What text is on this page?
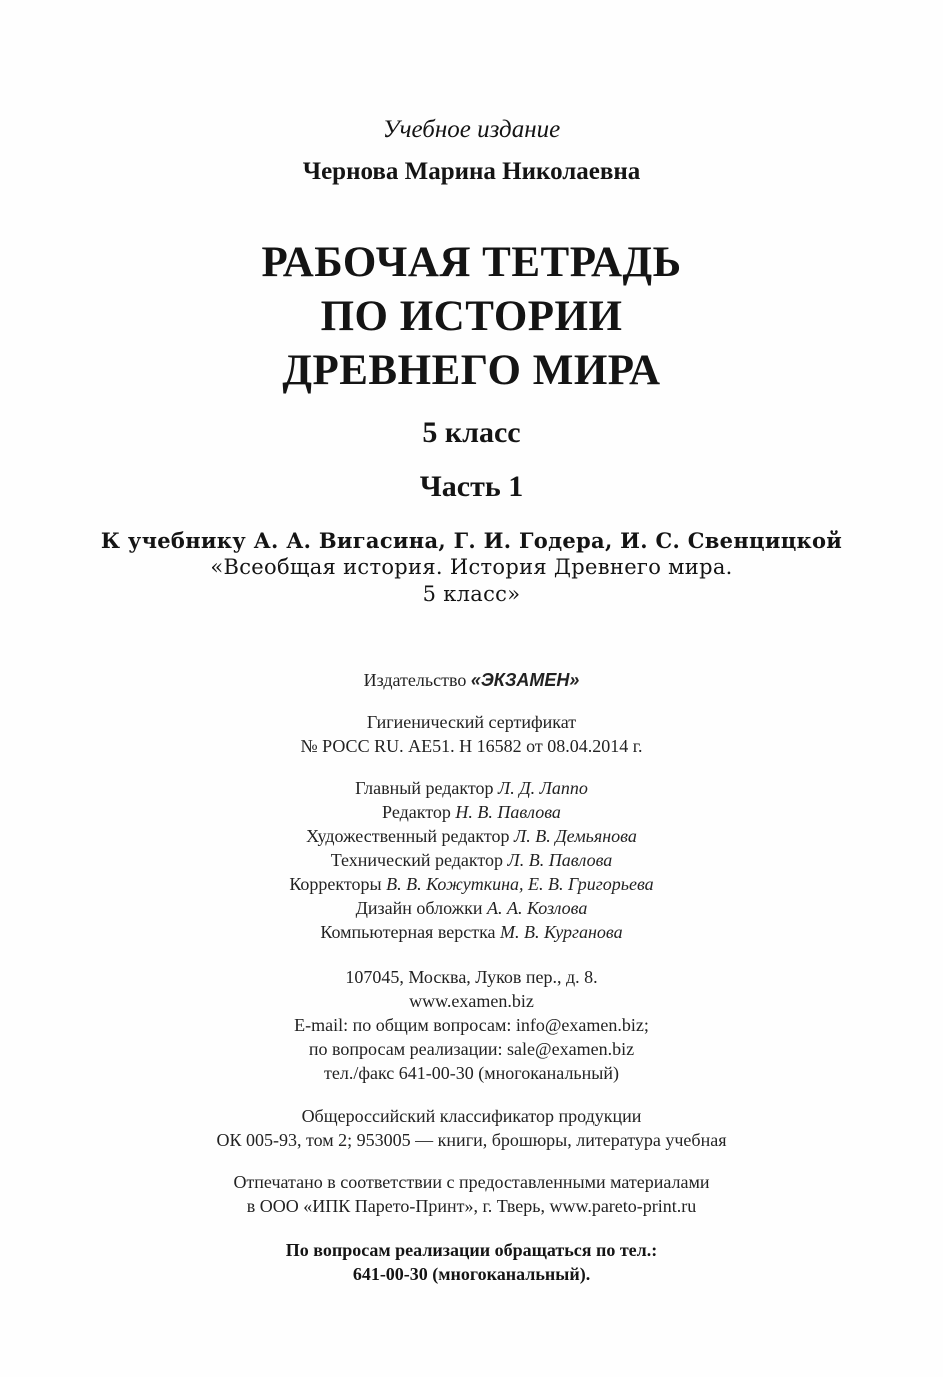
Учебное издание
Чернова Марина Николаевна
РАБОЧАЯ ТЕТРАДЬ
ПО ИСТОРИИ
ДРЕВНЕГО МИРА
5 класс
Часть 1
К учебнику А. А. Вигасина, Г. И. Годера, И. С. Свенцицкой
«Всеобщая история. История Древнего мира.
5 класс»
Издательство «ЭКЗАМЕН»
Гигиенический сертификат
№ РОСС RU. АЕ51. Н 16582 от 08.04.2014 г.
Главный редактор Л. Д. Лаппо
Редактор Н. В. Павлова
Художественный редактор Л. В. Демьянова
Технический редактор Л. В. Павлова
Корректоры В. В. Кожуткина, Е. В. Григорьева
Дизайн обложки А. А. Козлова
Компьютерная верстка М. В. Курганова
107045, Москва, Луков пер., д. 8.
www.examen.biz
E-mail: по общим вопросам: info@examen.biz;
по вопросам реализации: sale@examen.biz
тел./факс 641-00-30 (многоканальный)
Общероссийский классификатор продукции
ОК 005-93, том 2; 953005 — книги, брошюры, литература учебная
Отпечатано в соответствии с предоставленными материалами
в ООО «ИПК Парето-Принт», г. Тверь, www.pareto-print.ru
По вопросам реализации обращаться по тел.:
641-00-30 (многоканальный).
